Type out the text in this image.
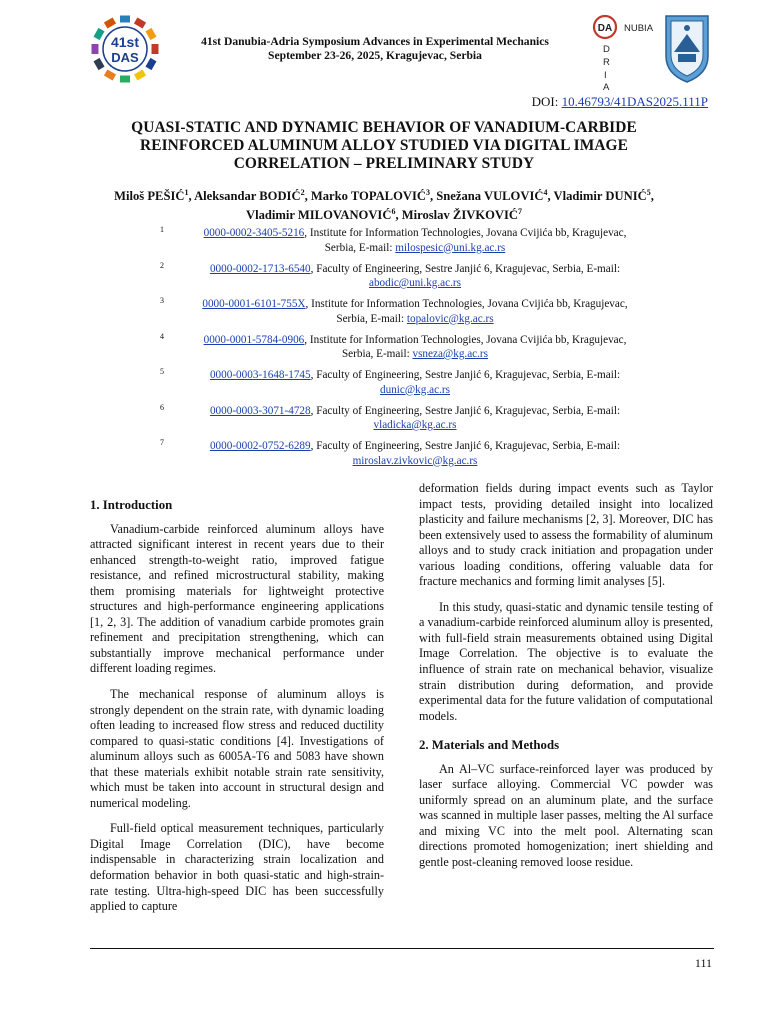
41st
DAS
41st Danubia-Adria Symposium Advances in Experimental Mechanics
September 23-26, 2025, Kragujevac, Serbia
DA NUBIA
D
R
I
A
DOI: 10.46793/41DAS2025.111P
QUASI-STATIC AND DYNAMIC BEHAVIOR OF VANADIUM-CARBIDE REINFORCED ALUMINUM ALLOY STUDIED VIA DIGITAL IMAGE CORRELATION – PRELIMINARY STUDY
Miloš PEŠIĆ$^1$, Aleksandar BODIĆ$^2$, Marko TOPALOVIĆ$^3$, Snežana VULOVIĆ$^4$, Vladimir DUNIĆ$^5$,
Vladimir MILOVANOVIĆ$^6$, Miroslav ŽIVKOVIĆ$^7$
1	0000-0002-3405-5216, Institute for Information Technologies, Jovana Cvijića bb, Kragujevac,
Serbia, E-mail: milospesic@uni.kg.ac.rs
2	0000-0002-1713-6540, Faculty of Engineering, Sestre Janjić 6, Kragujevac, Serbia, E-mail:
abodic@uni.kg.ac.rs
3	0000-0001-6101-755X, Institute for Information Technologies, Jovana Cvijića bb, Kragujevac,
Serbia, E-mail: topalovic@kg.ac.rs
4	0000-0001-5784-0906, Institute for Information Technologies, Jovana Cvijića bb, Kragujevac,
Serbia, E-mail: vsneza@kg.ac.rs
5	0000-0003-1648-1745, Faculty of Engineering, Sestre Janjić 6, Kragujevac, Serbia, E-mail:
dunic@kg.ac.rs
6	0000-0003-3071-4728, Faculty of Engineering, Sestre Janjić 6, Kragujevac, Serbia, E-mail:
vladicka@kg.ac.rs
7	0000-0002-0752-6289, Faculty of Engineering, Sestre Janjić 6, Kragujevac, Serbia, E-mail:
miroslav.zivkovic@kg.ac.rs
1. Introduction

Vanadium-carbide reinforced aluminum alloys have attracted significant interest in recent years due to their enhanced strength-to-weight ratio, improved fatigue resistance, and refined microstructural stability, making them promising materials for lightweight protective structures and high-performance engineering applications [1, 2, 3]. The addition of vanadium carbide promotes grain refinement and precipitation strengthening, which can substantially improve mechanical performance under different loading regimes.

The mechanical response of aluminum alloys is strongly dependent on the strain rate, with dynamic loading often leading to increased flow stress and reduced ductility compared to quasi-static conditions [4]. Investigations of aluminum alloys such as 6005A-T6 and 5083 have shown that these materials exhibit notable strain rate sensitivity, which must be taken into account in structural design and numerical modeling.

Full-field optical measurement techniques, particularly Digital Image Correlation (DIC), have become indispensable in characterizing strain localization and deformation behavior in both quasi-static and high-strain-rate testing. Ultra-high-speed DIC has been successfully applied to capture

deformation fields during impact events such as Taylor impact tests, providing detailed insight into localized plasticity and failure mechanisms [2, 3]. Moreover, DIC has been extensively used to assess the formability of aluminum alloys and to study crack initiation and propagation under various loading conditions, offering valuable data for fracture mechanics and forming limit analyses [5].

In this study, quasi-static and dynamic tensile testing of a vanadium-carbide reinforced aluminum alloy is presented, with full-field strain measurements obtained using Digital Image Correlation. The objective is to evaluate the influence of strain rate on mechanical behavior, visualize strain distribution during deformation, and provide experimental data for the future validation of computational models.

2. Materials and Methods

An Al–VC surface-reinforced layer was produced by laser surface alloying. Commercial VC powder was uniformly spread on an aluminum plate, and the surface was scanned in multiple laser passes, melting the Al surface and mixing VC into the melt pool. Alternating scan directions promoted homogenization; inert shielding and gentle post-cleaning removed loose residue.

111
